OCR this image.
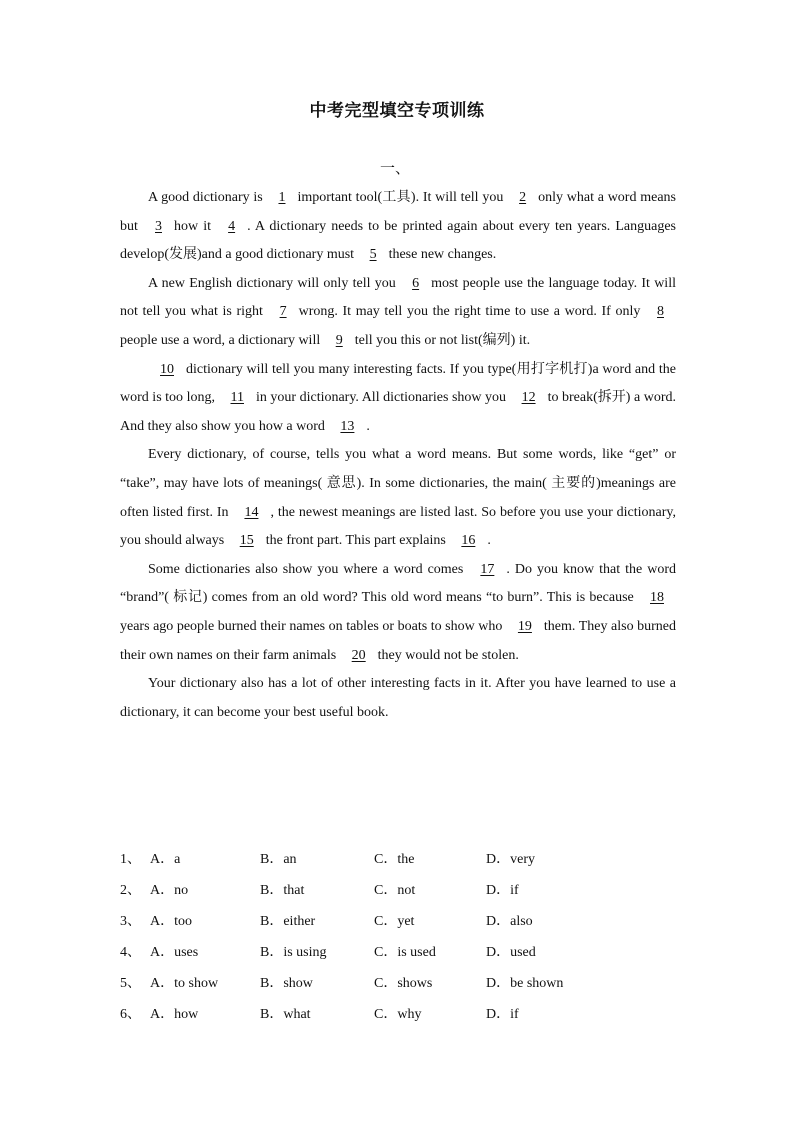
中考完型填空专项训练
一、

A good dictionary is 1 important tool(工具). It will tell you 2 only what a word means but 3 how it 4 . A dictionary needs to be printed again about every ten years. Languages develop(发展)and a good dictionary must 5 these new changes.

A new English dictionary will only tell you 6 most people use the language today. It will not tell you what is right 7 wrong. It may tell you the right time to use a word. If only 8people use a word, a dictionary will 9 tell you this or not list(编列) it.

10 dictionary will tell you many interesting facts. If you type(用打字机打)a word and the word is too long, 11 in your dictionary. All dictionaries show you 12 to break(拆开) a word. And they also show you how a word 13 .

Every dictionary, of course, tells you what a word means. But some words, like “get” or “take”, may have lots of meanings( 意思). In some dictionaries, the main( 主要的)meanings are often listed first. In 14 , the newest meanings are listed last. So before you use your dictionary, you should always 15 the front part. This part explains 16 .

Some dictionaries also show you where a word comes 17 . Do you know that the word “brand”( 标记) comes from an old word? This old word means “to burn”. This is because 18years ago people burned their names on tables or boats to show who 19 them. They also burned their own names on their farm animals 20 they would not be stolen.

Your dictionary also has a lot of other interesting facts in it. After you have learned to use a dictionary, it can become your best useful book.

1、 A．a	B．an	C．the	D．very
2、 A．no	B．that	C．not	D．if
3、 A．too	B．either	C．yet	D．also
4、 A．uses	B．is using	C．is used	D．used
5、 A．to show	B．show	C．shows	D．be shown
6、 A．how	B．what	C．why	D．if
